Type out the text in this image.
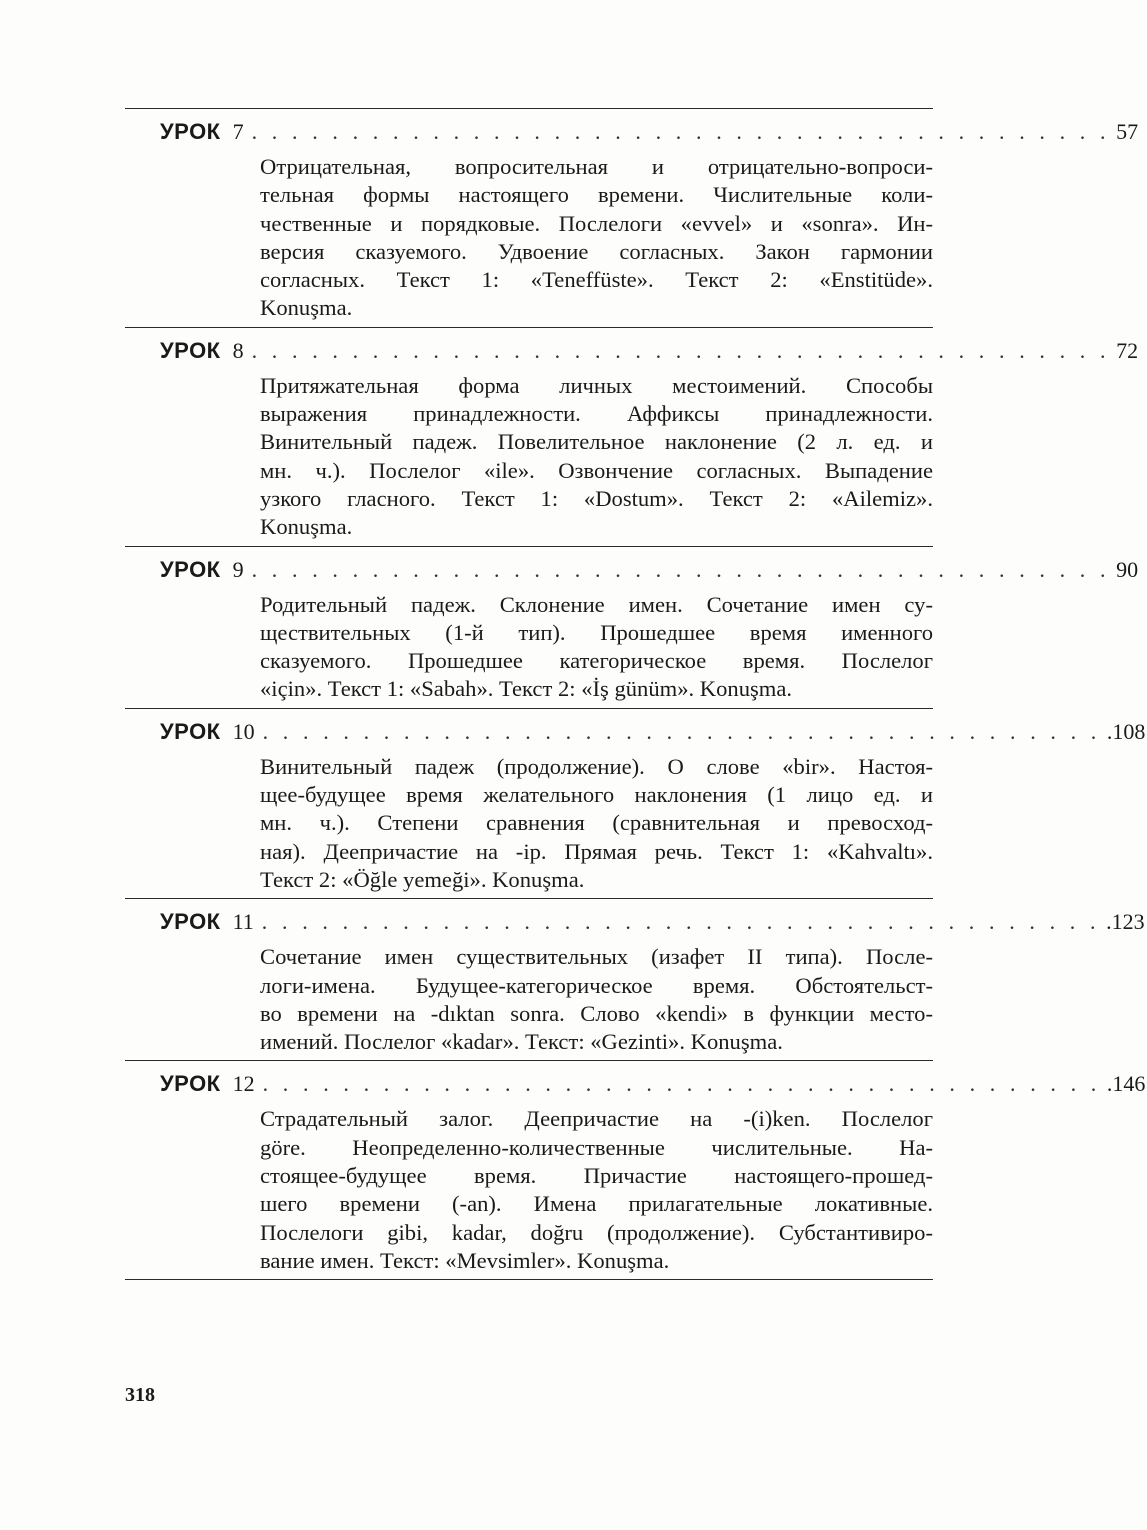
УРОК 7 . . . . . . . . . . . . . . . . . . . . . . . . . . . . . . . . . . . . . . . . . . . 57
Отрицательная, вопросительная и отрицательно-вопроси-
тельная формы настоящего времени. Числительные коли-
чественные и порядковые. Послелоги «evvel» и «sonra». Ин-
версия сказуемого. Удвоение согласных. Закон гармонии
согласных. Текст 1: «Teneffüste». Текст 2: «Enstitüde».
Konuşma.
УРОК 8 . . . . . . . . . . . . . . . . . . . . . . . . . . . . . . . . . . . . . . . . . . . 72
Притяжательная форма личных местоимений. Способы
выражения принадлежности. Аффиксы принадлежности.
Винительный падеж. Повелительное наклонение (2 л. ед. и
мн. ч.). Послелог «ile». Озвончение согласных. Выпадение
узкого гласного. Текст 1: «Dostum». Текст 2: «Ailemiz».
Konuşma.
УРОК 9 . . . . . . . . . . . . . . . . . . . . . . . . . . . . . . . . . . . . . . . . . . . 90
Родительный падеж. Склонение имен. Сочетание имен су-
ществительных (1-й тип). Прошедшее время именного
сказуемого. Прошедшее категорическое время. Послелог
«için». Текст 1: «Sabah». Текст 2: «İş günüm». Konuşma.
УРОК 10 . . . . . . . . . . . . . . . . . . . . . . . . . . . . . . . . . . . . . . . . . . .108
Винительный падеж (продолжение). О слове «bir». Настоя-
щее-будущее время желательного наклонения (1 лицо ед. и
мн. ч.). Степени сравнения (сравнительная и превосход-
ная). Деепричастие на -ip. Прямая речь. Текст 1: «Kahvaltı».
Текст 2: «Öğle yemeği». Konuşma.
УРОК 11 . . . . . . . . . . . . . . . . . . . . . . . . . . . . . . . . . . . . . . . . . . .123
Сочетание имен существительных (изафет II типа). После-
логи-имена. Будущее-категорическое время. Обстоятельст-
во времени на -dıktan sonra. Слово «kendi» в функции место-
имений. Послелог «kadar». Текст: «Gezinti». Konuşma.
УРОК 12 . . . . . . . . . . . . . . . . . . . . . . . . . . . . . . . . . . . . . . . . . . .146
Страдательный залог. Деепричастие на -(i)ken. Послелог
göre. Неопределенно-количественные числительные. На-
стоящее-будущее время. Причастие настоящего-прошед-
шего времени (-an). Имена прилагательные локативные.
Послелоги gibi, kadar, doğru (продолжение). Субстантивиро-
вание имен. Текст: «Mevsimler». Konuşma.
318
